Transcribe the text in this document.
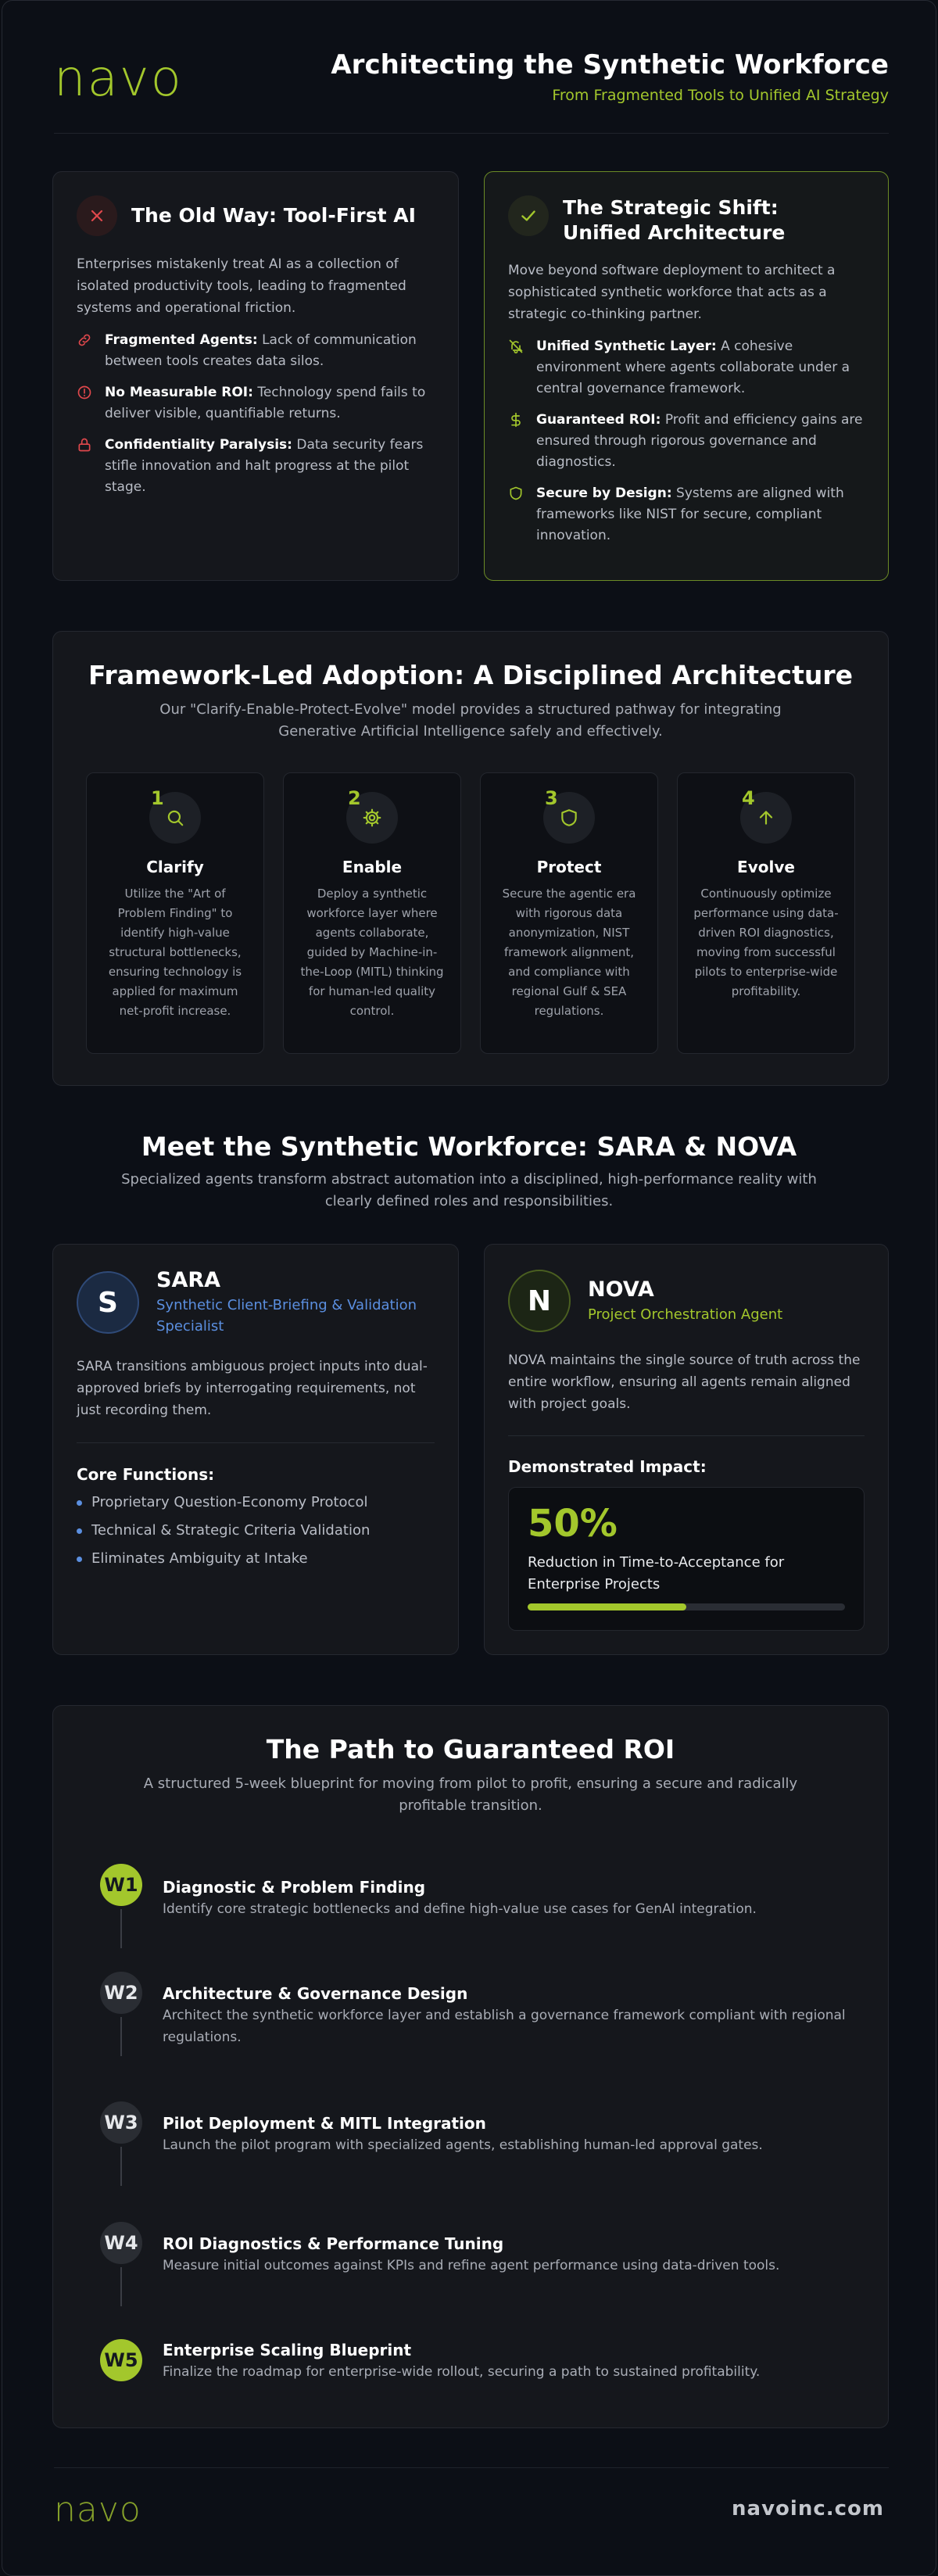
navo	Architecting the Synthetic Workforce
From Fragmented Tools to Unified AI Strategy
The Old Way: Tool-First AI
Enterprises mistakenly treat AI as a collection of isolated productivity tools, leading to fragmented systems and operational friction.
Fragmented Agents: Lack of communication between tools creates data silos.
No Measurable ROI: Technology spend fails to deliver visible, quantifiable returns.
Confidentiality Paralysis: Data security fears stifle innovation and halt progress at the pilot stage.
The Strategic Shift: Unified Architecture
Move beyond software deployment to architect a sophisticated synthetic workforce that acts as a strategic co-thinking partner.
Unified Synthetic Layer: A cohesive environment where agents collaborate under a central governance framework.
Guaranteed ROI: Profit and efficiency gains are ensured through rigorous governance and diagnostics.
Secure by Design: Systems are aligned with frameworks like NIST for secure, compliant innovation.
Framework-Led Adoption: A Disciplined Architecture
Our "Clarify-Enable-Protect-Evolve" model provides a structured pathway for integrating Generative Artificial Intelligence safely and effectively.
1
Clarify
Utilize the "Art of Problem Finding" to identify high-value structural bottlenecks, ensuring technology is applied for maximum net-profit increase.
2
Enable
Deploy a synthetic workforce layer where agents collaborate, guided by Machine-in-the-Loop (MITL) thinking for human-led quality control.
3
Protect
Secure the agentic era with rigorous data anonymization, NIST framework alignment, and compliance with regional Gulf & SEA regulations.
4
Evolve
Continuously optimize performance using data-driven ROI diagnostics, moving from successful pilots to enterprise-wide profitability.
Meet the Synthetic Workforce: SARA & NOVA
Specialized agents transform abstract automation into a disciplined, high-performance reality with clearly defined roles and responsibilities.
S
SARA
Synthetic Client-Briefing & Validation Specialist
SARA transitions ambiguous project inputs into dual-approved briefs by interrogating requirements, not just recording them.
Core Functions:
Proprietary Question-Economy Protocol
Technical & Strategic Criteria Validation
Eliminates Ambiguity at Intake
N	NOVA
Project Orchestration Agent
NOVA maintains the single source of truth across the entire workflow, ensuring all agents remain aligned with project goals.
Demonstrated Impact:
50%
Reduction in Time-to-Acceptance for Enterprise Projects
The Path to Guaranteed ROI
A structured 5-week blueprint for moving from pilot to profit, ensuring a secure and radically profitable transition.
W1 Diagnostic & Problem Finding
Identify core strategic bottlenecks and define high-value use cases for GenAI integration.
W2 Architecture & Governance Design
Architect the synthetic workforce layer and establish a governance framework compliant with regional regulations.
W3 Pilot Deployment & MITL Integration
Launch the pilot program with specialized agents, establishing human-led approval gates.
W4 ROI Diagnostics & Performance Tuning
Measure initial outcomes against KPIs and refine agent performance using data-driven tools.
W5 Enterprise Scaling Blueprint
Finalize the roadmap for enterprise-wide rollout, securing a path to sustained profitability.
navo	navoinc.com
